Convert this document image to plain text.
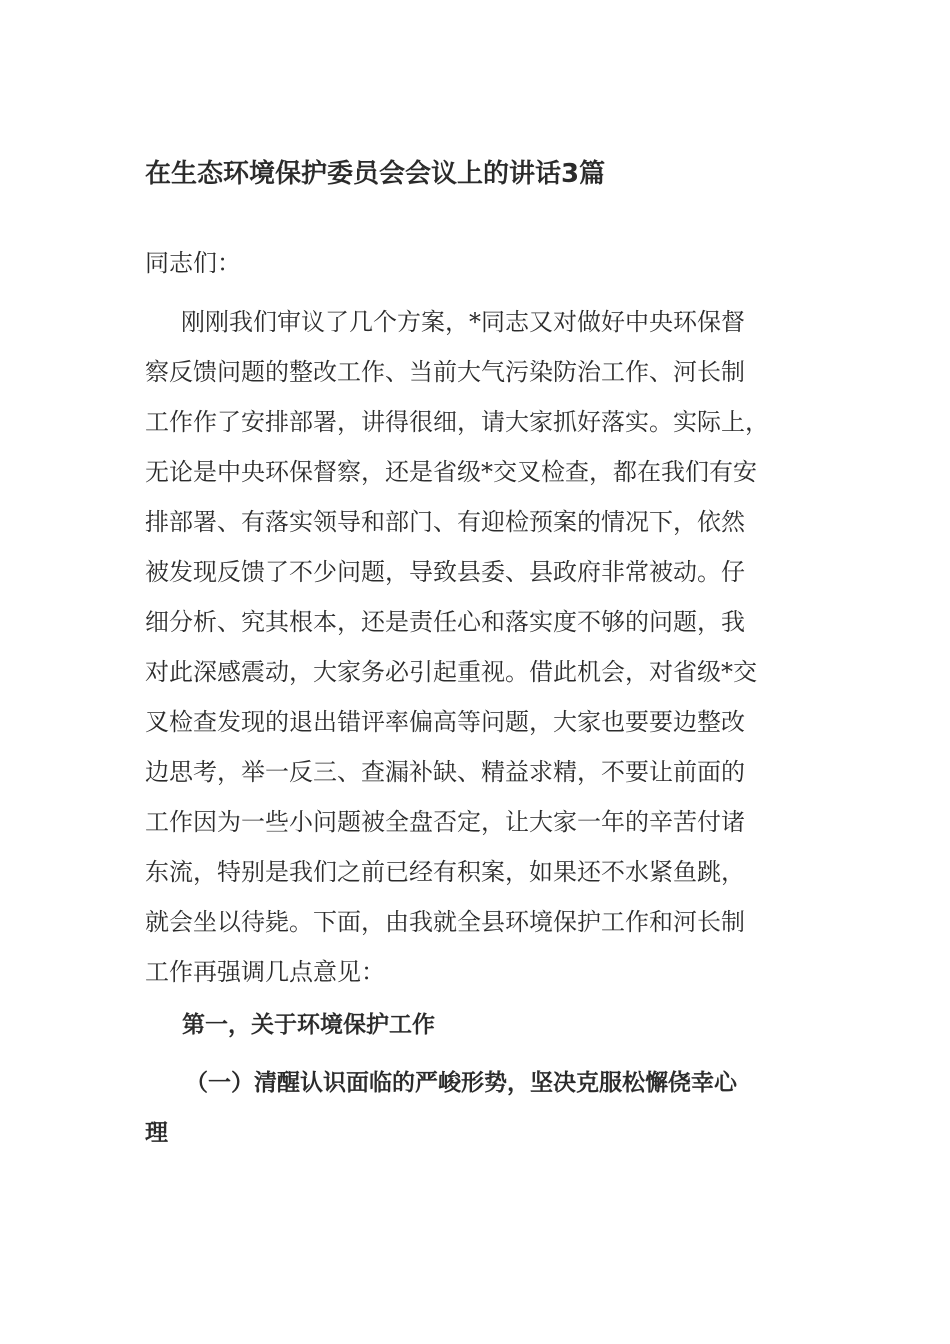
在生态环境保护委员会会议上的讲话3篇
同志们：
刚刚我们审议了几个方案，*同志又对做好中央环保督
察反馈问题的整改工作、当前大气污染防治工作、河长制
工作作了安排部署，讲得很细，请大家抓好落实。实际上，
无论是中央环保督察，还是省级*交叉检查，都在我们有安
排部署、有落实领导和部门、有迎检预案的情况下，依然
被发现反馈了不少问题，导致县委、县政府非常被动。仔
细分析、究其根本，还是责任心和落实度不够的问题，我
对此深感震动，大家务必引起重视。借此机会，对省级*交
叉检查发现的退出错评率偏高等问题，大家也要要边整改
边思考，举一反三、查漏补缺、精益求精，不要让前面的
工作因为一些小问题被全盘否定，让大家一年的辛苦付诸
东流，特别是我们之前已经有积案，如果还不水紧鱼跳，
就会坐以待毙。下面，由我就全县环境保护工作和河长制
工作再强调几点意见：
第一，关于环境保护工作
（一）清醒认识面临的严峻形势，坚决克服松懈侥幸心
理
